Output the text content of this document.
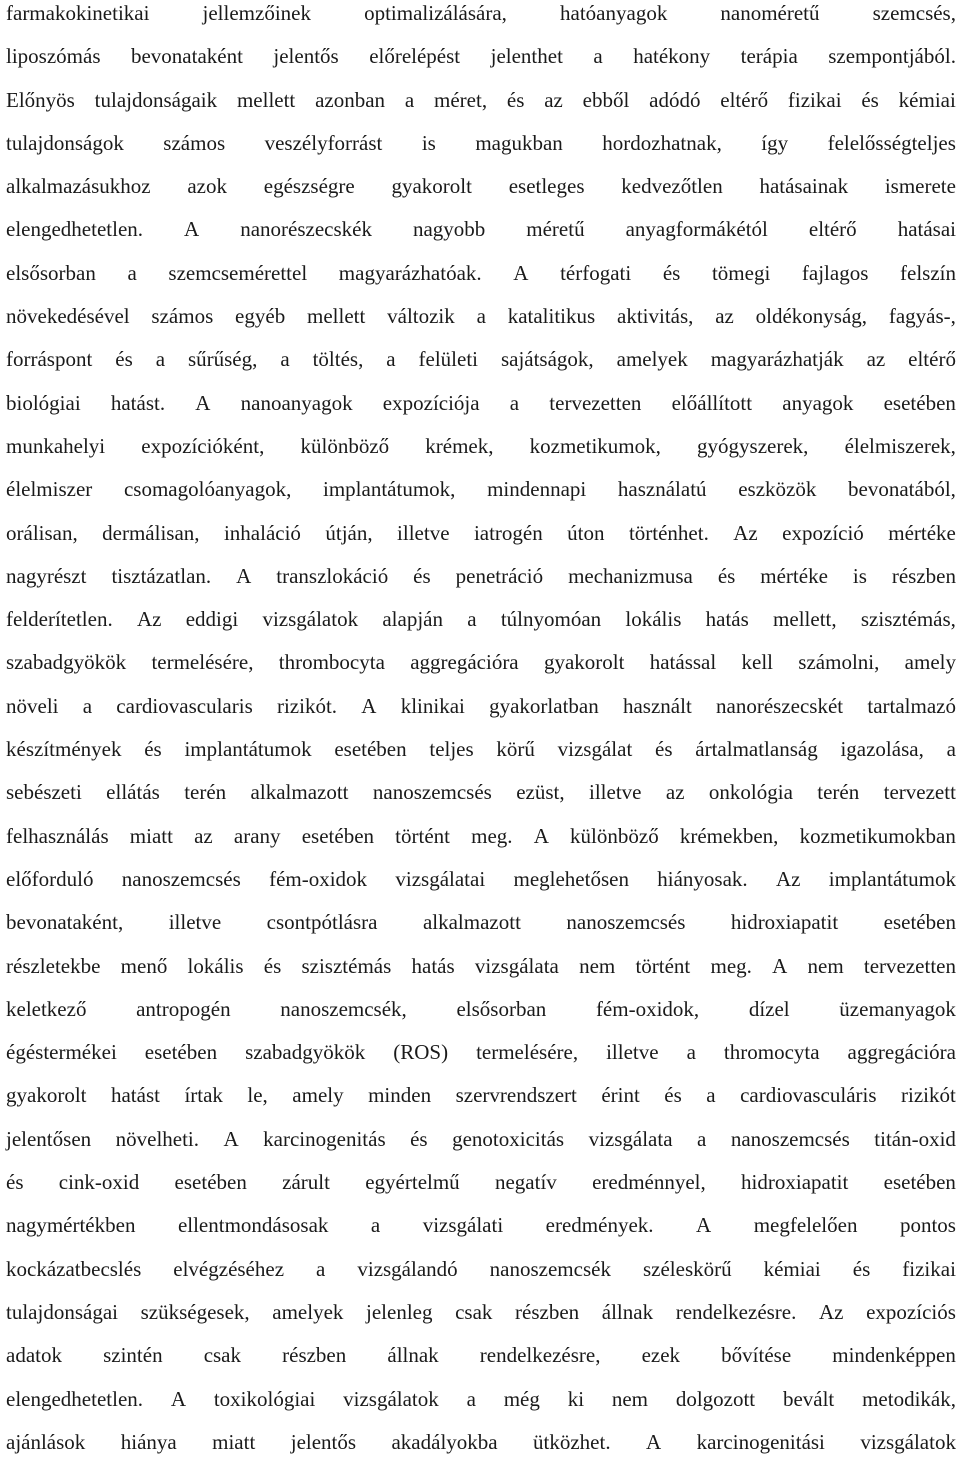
farmakokinetikai	jellemzőinek	optimalizálására,	hatóanyagok	nanoméretű	szemcsés,
liposzómás bevonataként jelentős előrelépést jelenthet a hatékony terápia szempontjából.
Előnyös tulajdonságaik mellett azonban a méret, és az ebből adódó eltérő fizikai és kémiai
tulajdonságok számos veszélyforrást is magukban hordozhatnak, így felelősségteljes
alkalmazásukhoz azok egészségre gyakorolt esetleges kedvezőtlen hatásainak ismerete
elengedhetetlen. A nanorészecskék nagyobb méretű anyagformákétól eltérő hatásai
elsősorban a szemcsemérettel magyarázhatóak. A térfogati és tömegi fajlagos felszín
növekedésével számos egyéb mellett változik a katalitikus aktivitás, az oldékonyság, fagyás-,
forráspont és a sűrűség, a töltés, a felületi sajátságok, amelyek magyarázhatják az eltérő
biológiai hatást. A nanoanyagok expozíciója a tervezetten előállított anyagok esetében
munkahelyi expozícióként, különböző krémek, kozmetikumok, gyógyszerek, élelmiszerek,
élelmiszer csomagolóanyagok, implantátumok, mindennapi használatú eszközök bevonatából,
orálisan, dermálisan, inhaláció útján, illetve iatrogén úton történhet. Az expozíció mértéke
nagyrészt tisztázatlan. A transzlokáció és penetráció mechanizmusa és mértéke is részben
felderítetlen. Az eddigi vizsgálatok alapján a túlnyomóan lokális hatás mellett, szisztémás,
szabadgyökök termelésére, thrombocyta aggregációra gyakorolt hatással kell számolni, amely
növeli a cardiovascularis rizikót. A klinikai gyakorlatban használt nanorészecskét tartalmazó
készítmények és implantátumok esetében teljes körű vizsgálat és ártalmatlanság igazolása, a
sebészeti ellátás terén alkalmazott nanoszemcsés ezüst, illetve az onkológia terén tervezett
felhasználás miatt az arany esetében történt meg. A különböző krémekben, kozmetikumokban
előforduló nanoszemcsés fém-oxidok vizsgálatai meglehetősen hiányosak. Az implantátumok
bevonataként, illetve csontpótlásra alkalmazott nanoszemcsés hidroxiapatit esetében
részletekbe menő lokális és szisztémás hatás vizsgálata nem történt meg. A nem tervezetten
keletkező antropogén nanoszemcsék, elsősorban fém-oxidok, dízel üzemanyagok
égéstermékei esetében szabadgyökök (ROS) termelésére, illetve a thromocyta aggregációra
gyakorolt hatást írtak le, amely minden szervrendszert érint és a cardiovasculáris rizikót
jelentősen növelheti. A karcinogenitás és genotoxicitás vizsgálata a nanoszemcsés titán-oxid
és cink-oxid esetében zárult egyértelmű negatív eredménnyel, hidroxiapatit esetében
nagymértékben ellentmondásosak a vizsgálati eredmények. A megfelelően pontos
kockázatbecslés elvégzéséhez a vizsgálandó nanoszemcsék széleskörű kémiai és fizikai
tulajdonságai szükségesek, amelyek jelenleg csak részben állnak rendelkezésre. Az expozíciós
adatok szintén csak részben állnak rendelkezésre, ezek bővítése mindenképpen
elengedhetetlen. A toxikológiai vizsgálatok a még ki nem dolgozott bevált metodikák,
ajánlások hiánya miatt jelentős akadályokba ütközhet. A karcinogenitási vizsgálatok
